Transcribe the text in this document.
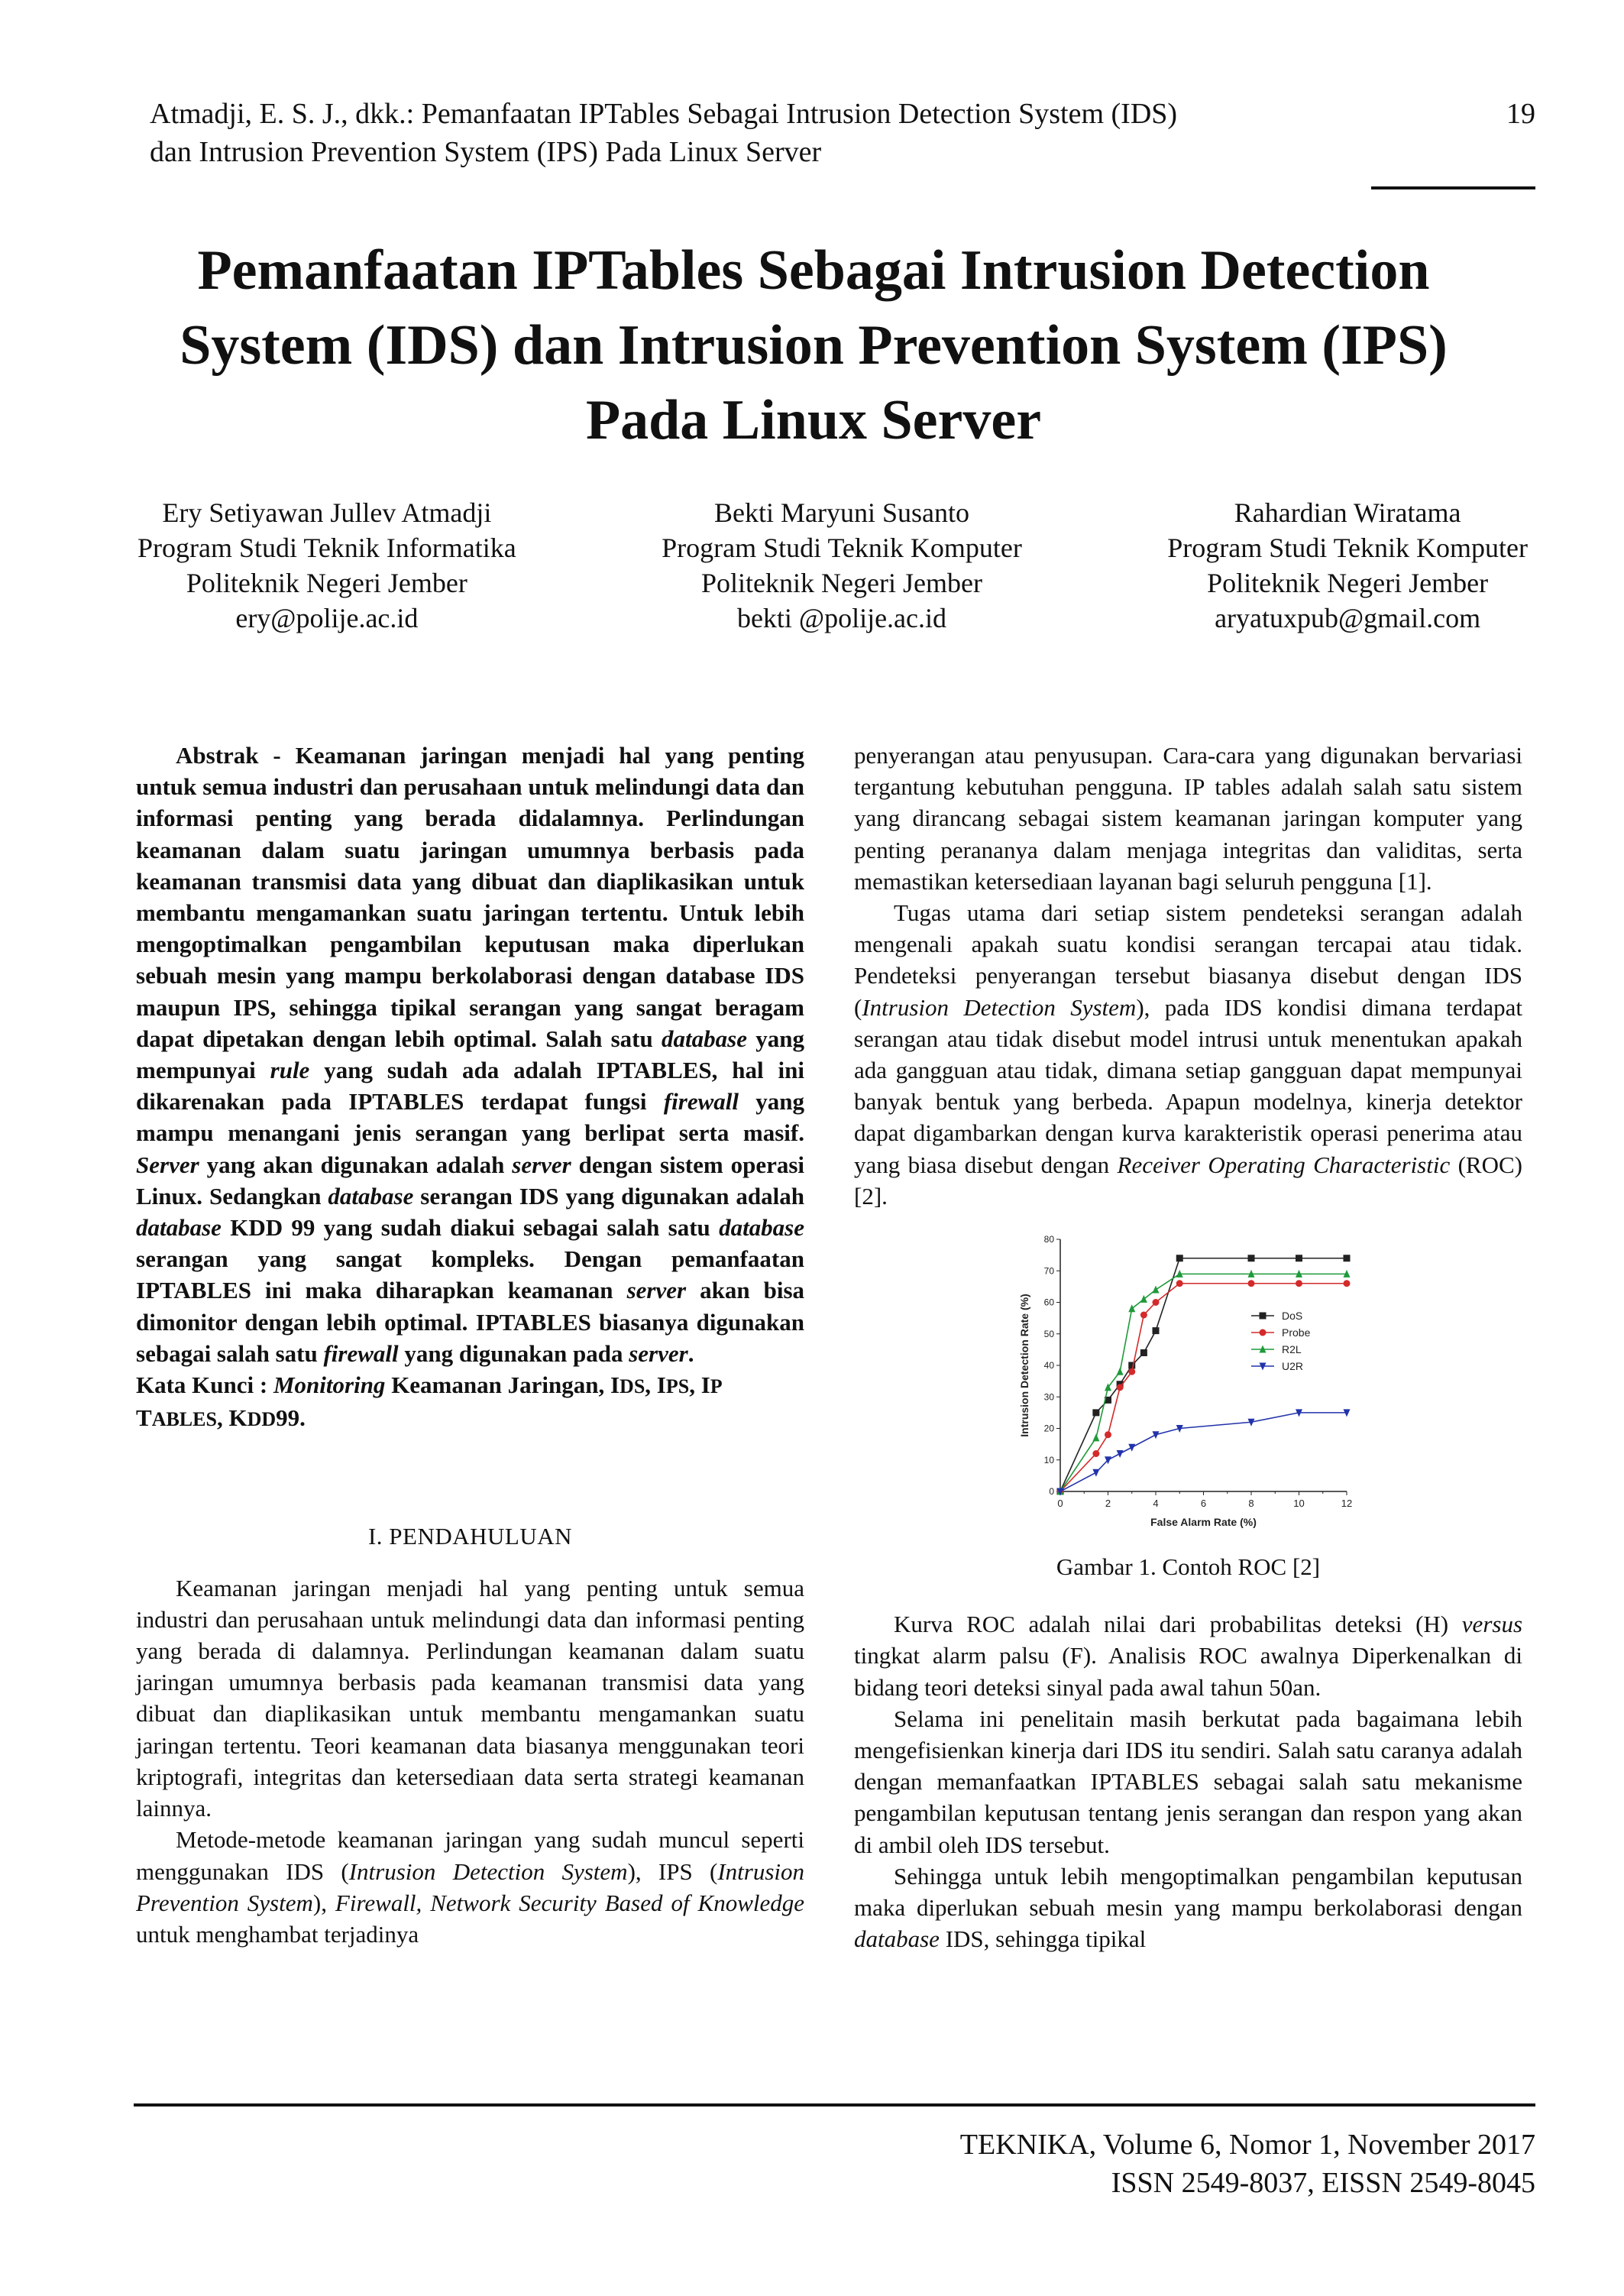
Atmadji, E. S. J., dkk.: Pemanfaatan IPTables Sebagai Intrusion Detection System (IDS)
dan Intrusion Prevention System (IPS) Pada Linux Server
19
Pemanfaatan IPTables Sebagai Intrusion Detection
System (IDS) dan Intrusion Prevention System (IPS)
Pada Linux Server
Ery Setiyawan Jullev Atmadji
Program Studi Teknik Informatika
Politeknik Negeri Jember
ery@polije.ac.id
Bekti Maryuni Susanto
Program Studi Teknik Komputer
Politeknik Negeri Jember
bekti @polije.ac.id
Rahardian Wiratama
Program Studi Teknik Komputer
Politeknik Negeri Jember
aryatuxpub@gmail.com
Abstrak - Keamanan jaringan menjadi hal yang penting untuk semua industri dan perusahaan untuk melindungi data dan informasi penting yang berada didalamnya. Perlindungan keamanan dalam suatu jaringan umumnya berbasis pada keamanan transmisi data yang dibuat dan diaplikasikan untuk membantu mengamankan suatu jaringan tertentu. Untuk lebih mengoptimalkan pengambilan keputusan maka diperlukan sebuah mesin yang mampu berkolaborasi dengan database IDS maupun IPS, sehingga tipikal serangan yang sangat beragam dapat dipetakan dengan lebih optimal. Salah satu database yang mempunyai rule yang sudah ada adalah IPTABLES, hal ini dikarenakan pada IPTABLES terdapat fungsi firewall yang mampu menangani jenis serangan yang berlipat serta masif. Server yang akan digunakan adalah server dengan sistem operasi Linux. Sedangkan database serangan IDS yang digunakan adalah database KDD 99 yang sudah diakui sebagai salah satu database serangan yang sangat kompleks. Dengan pemanfaatan IPTABLES ini maka diharapkan keamanan server akan bisa dimonitor dengan lebih optimal. IPTABLES biasanya digunakan sebagai salah satu firewall yang digunakan pada server.
Kata Kunci : Monitoring Keamanan Jaringan, IDS, IPS, IP TABLES, KDD99.
I. PENDAHULUAN

Keamanan jaringan menjadi hal yang penting untuk semua industri dan perusahaan untuk melindungi data dan informasi penting yang berada di dalamnya. Perlindungan keamanan dalam suatu jaringan umumnya berbasis pada keamanan transmisi data yang dibuat dan diaplikasikan untuk membantu mengamankan suatu jaringan tertentu. Teori keamanan data biasanya menggunakan teori kriptografi, integritas dan ketersediaan data serta strategi keamanan lainnya.

Metode-metode keamanan jaringan yang sudah muncul seperti menggunakan IDS (Intrusion Detection System), IPS (Intrusion Prevention System), Firewall, Network Security Based of Knowledge untuk menghambat terjadinya

penyerangan atau penyusupan. Cara-cara yang digunakan bervariasi tergantung kebutuhan pengguna. IP tables adalah salah satu sistem yang dirancang sebagai sistem keamanan jaringan komputer yang penting perananya dalam menjaga integritas dan validitas, serta memastikan ketersediaan layanan bagi seluruh pengguna [1].

Tugas utama dari setiap sistem pendeteksi serangan adalah mengenali apakah suatu kondisi serangan tercapai atau tidak. Pendeteksi penyerangan tersebut biasanya disebut dengan IDS (Intrusion Detection System), pada IDS kondisi dimana terdapat serangan atau tidak disebut model intrusi untuk menentukan apakah ada gangguan atau tidak, dimana setiap gangguan dapat mempunyai banyak bentuk yang berbeda. Apapun modelnya, kinerja detektor dapat digambarkan dengan kurva karakteristik operasi penerima atau yang biasa disebut dengan Receiver Operating Characteristic (ROC) [2].

0	2	4	6	8	10	12
0
10
20
30
40
50
60
70
80
False Alarm Rate (%)
Intrusion Detection Rate (%)	DoS
Probe
R2L
U2R
Gambar 1. Contoh ROC [2]

Kurva ROC adalah nilai dari probabilitas deteksi (H) versus tingkat alarm palsu (F). Analisis ROC awalnya Diperkenalkan di bidang teori deteksi sinyal pada awal tahun 50an.

Selama ini penelitain masih berkutat pada bagaimana lebih mengefisienkan kinerja dari IDS itu sendiri. Salah satu caranya adalah dengan memanfaatkan IPTABLES sebagai salah satu mekanisme pengambilan keputusan tentang jenis serangan dan respon yang akan di ambil oleh IDS tersebut.

Sehingga untuk lebih mengoptimalkan pengambilan keputusan maka diperlukan sebuah mesin yang mampu berkolaborasi dengan database IDS, sehingga tipikal

TEKNIKA, Volume 6, Nomor 1, November 2017
ISSN 2549-8037, EISSN 2549-8045
